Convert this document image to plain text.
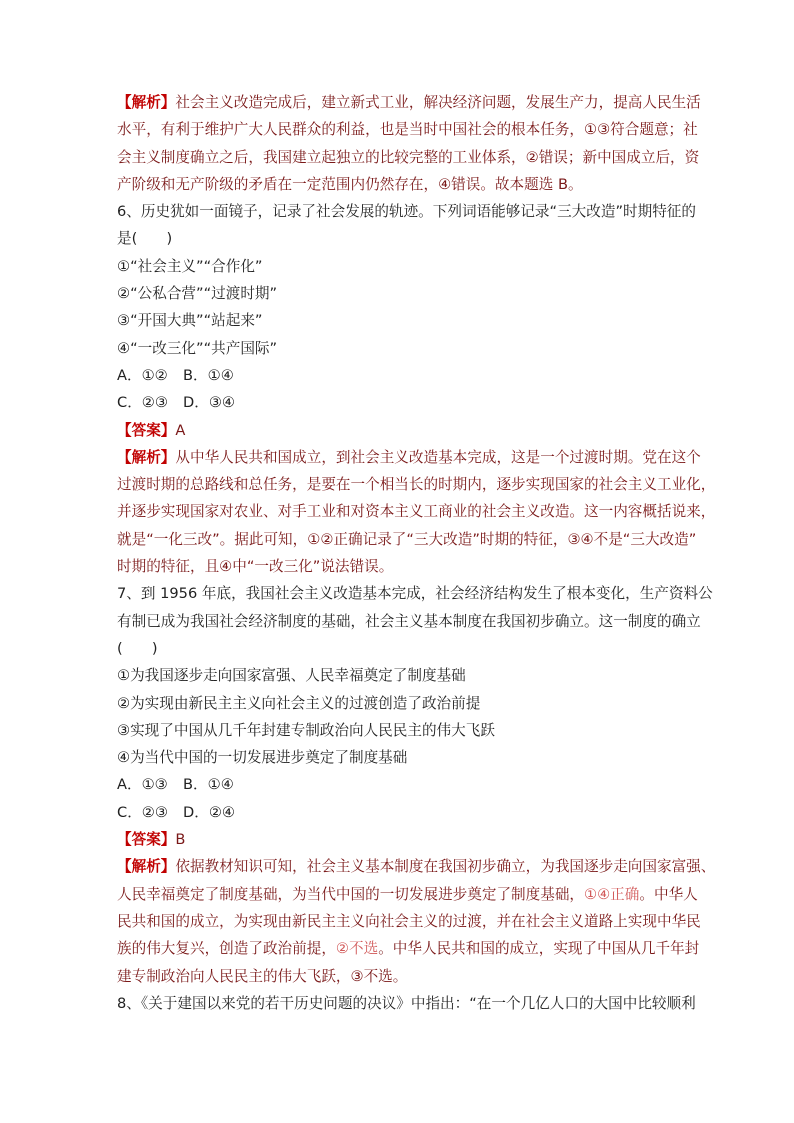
【解析】社会主义改造完成后，建立新式工业，解决经济问题，发展生产力，提高人民生活
水平，有利于维护广大人民群众的利益，也是当时中国社会的根本任务，①③符合题意；社
会主义制度确立之后，我国建立起独立的比较完整的工业体系，②错误；新中国成立后，资
产阶级和无产阶级的矛盾在一定范围内仍然存在，④错误。故本题选 B。
6、历史犹如一面镜子，记录了社会发展的轨迹。下列词语能够记录“三大改造”时期特征的
是(　　)
①“社会主义”“合作化”
②“公私合营”“过渡时期”
③“开国大典”“站起来”
④“一改三化”“共产国际”
A．①② B．①④
C．②③ D．③④
【答案】A
【解析】从中华人民共和国成立，到社会主义改造基本完成，这是一个过渡时期。党在这个
过渡时期的总路线和总任务，是要在一个相当长的时期内，逐步实现国家的社会主义工业化，
并逐步实现国家对农业、对手工业和对资本主义工商业的社会主义改造。这一内容概括说来，
就是“一化三改”。据此可知，①②正确记录了“三大改造”时期的特征，③④不是“三大改造”
时期的特征，且④中“一改三化”说法错误。
7、到 1956 年底，我国社会主义改造基本完成，社会经济结构发生了根本变化，生产资料公
有制已成为我国社会经济制度的基础，社会主义基本制度在我国初步确立。这一制度的确立
(　　)
①为我国逐步走向国家富强、人民幸福奠定了制度基础
②为实现由新民主主义向社会主义的过渡创造了政治前提
③实现了中国从几千年封建专制政治向人民民主的伟大飞跃
④为当代中国的一切发展进步奠定了制度基础
A．①③ B．①④
C．②③ D．②④
【答案】B
【解析】依据教材知识可知，社会主义基本制度在我国初步确立，为我国逐步走向国家富强、
人民幸福奠定了制度基础，为当代中国的一切发展进步奠定了制度基础，①④正确。中华人
民共和国的成立，为实现由新民主主义向社会主义的过渡，并在社会主义道路上实现中华民
族的伟大复兴，创造了政治前提，②不选。中华人民共和国的成立，实现了中国从几千年封
建专制政治向人民民主的伟大飞跃，③不选。
8、《关于建国以来党的若干历史问题的决议》中指出：“在一个几亿人口的大国中比较顺利
